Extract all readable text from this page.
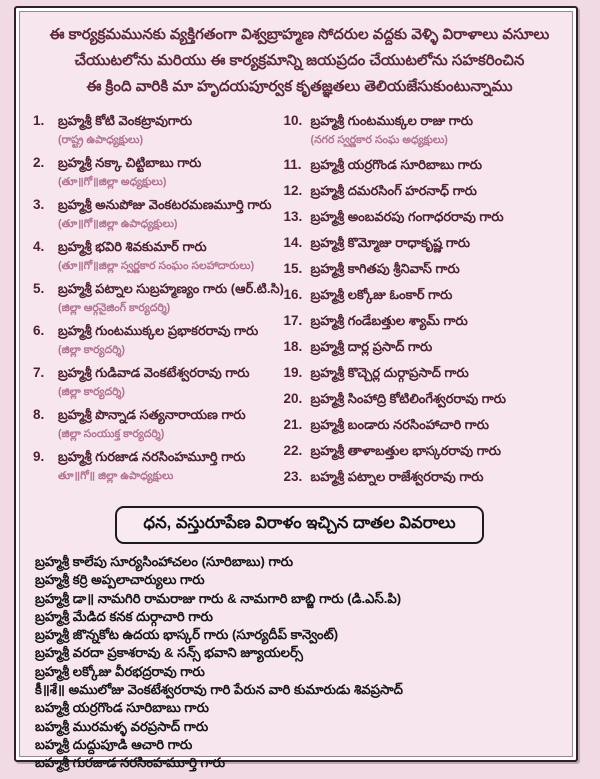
ఈ కార్యక్రమమునకు వ్యక్తిగతంగా విశ్వబ్రాహ్మణ సోదరుల వద్దకు వెళ్ళి విరాళాలు వసూలు
చేయుటలోను మరియు ఈ కార్యక్రమాన్ని జయప్రదం చేయుటలోను సహకరించిన
ఈ క్రింది వారికి మా హృదయపూర్వక కృతజ్ఞతలు తెలియజేసుకుంటున్నాము
1.	బ్రహ్మశ్రీ కోటి వెంకట్రావుగారు
(రాష్ట్ర ఉపాధ్యక్షులు)
2.	బ్రహ్మశ్రీ నక్కా చిట్టిబాబు గారు
(తూ॥గో॥జిల్లా అధ్యక్షులు)
3.	బ్రహ్మశ్రీ అనుపోజు వెంకటరమణమూర్తి గారు
(తూ॥గో॥జిల్లా ఉపాధ్యక్షులు)
4.	బ్రహ్మశ్రీ భవిరి శివకుమార్ గారు
(తూ॥గో॥జిల్లా స్వర్ణకార సంఘం సలహాదారులు)
5.	బ్రహ్మశ్రీ పట్నాల సుబ్రహ్మణ్యం గారు (ఆర్.టి.సి)
(జిల్లా ఆర్గనైజింగ్ కార్యదర్శి)
6.	బ్రహ్మశ్రీ గుంటముక్కల ప్రభాకరరావు గారు
(జిల్లా కార్యదర్శి)
7.	బ్రహ్మశ్రీ గుడివాడ వెంకటేశ్వరరావు గారు
(జిల్లా కార్యదర్శి)
8.	బ్రహ్మశ్రీ పొన్నాడ సత్యనారాయణ గారు
(జిల్లా సంయుక్త కార్యదర్శి)
9.	బ్రహ్మశ్రీ గురజాడ నరసింహమూర్తి గారు
తూ॥గో॥ జిల్లా ఉపాధ్యక్షులు
10. బ్రహ్మశ్రీ గుంటముక్కల రాజు గారు
(నగర స్వర్ణకార సంఘ అధ్యక్షులు)
11. బ్రహ్మశ్రీ యర్రగొండ సూరిబాబు గారు
12. బ్రహ్మశ్రీ దమరసింగ్ హరనాధ్ గారు
13. బ్రహ్మశ్రీ అంబవరపు గంగాధరరావు గారు
14. బ్రహ్మశ్రీ కొమ్మోజు రాధాకృష్ణ గారు
15. బ్రహ్మశ్రీ కాగితపు శ్రీనివాస్ గారు
16. బ్రహ్మశ్రీ లక్కోజు ఓంకార్ గారు
17. బ్రహ్మశ్రీ గండేబత్తుల శ్యామ్ గారు
18. బ్రహ్మశ్రీ దార్ల ప్రసాద్ గారు
19. బ్రహ్మశ్రీ కొచ్చెర్ల దుర్గాప్రసాద్ గారు
20. బ్రహ్మశ్రీ సింహాద్రి కోటిలింగేశ్వరరావు గారు
21. బ్రహ్మశ్రీ బండారు నరసింహాచారి గారు
22. బ్రహ్మశ్రీ తాళాబత్తుల భాస్కరరావు గారు
23. బహ్మశ్రీ పట్నాల రాజేశ్వరరావు గారు
ధన, వస్తురూపేణ విరాళం ఇచ్చిన దాతల వివరాలు
బ్రహ్మశ్రీ కాలేపు సూర్యసింహాచలం (సూరిబాబు) గారు
బ్రహ్మశ్రీ కర్రి అప్పలాచార్యులు గారు
బ్రహ్మశ్రీ డా॥ నామగిరి రామరాజు గారు & నామగారి బాబ్జి గారు (డి.ఎస్.పి)
బ్రహ్మశ్రీ మేడిద కనక దుర్గాచారి గారు
బ్రహ్మశ్రీ జొన్నకోట ఉదయ భాస్కర్ గారు (సూర్యదీప్ కాన్వెంట్)
బ్రహ్మశ్రీ వరదా ప్రకాశరావు & సన్స్ భవాని జ్యూయలర్స్
బ్రహ్మశ్రీ లక్కోజు వీరభద్రరావు గారు
కీ॥శే॥ అములోజు వెంకటేశ్వరరావు గారి పేరున వారి కుమారుడు శివప్రసాద్
బహ్మశ్రీ యర్రగొండ సూరిబాబు గారు
బహ్మశ్రీ మురమళ్ళ వరప్రసాద్ గారు
బహ్మశ్రీ దుద్దుపూడి ఆచారి గారు
బహ్మశ్రీ గురజాడ నరసింహమూర్తి గారు
